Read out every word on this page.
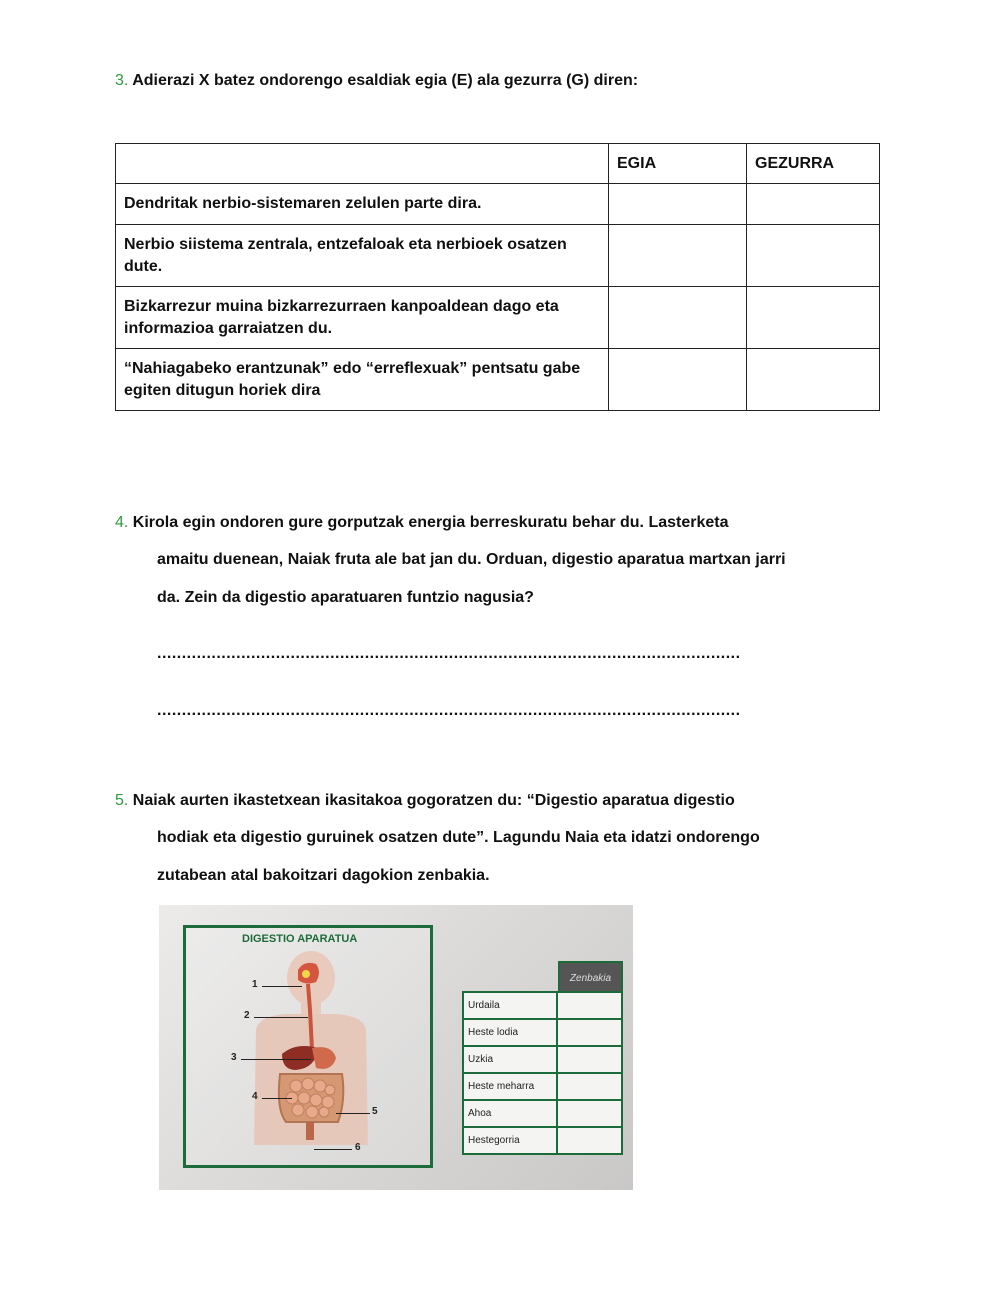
3. Adierazi X batez ondorengo esaldiak egia (E) ala gezurra (G) diren:
	EGIA	GEZURRA
Dendritak nerbio-sistemaren zelulen parte dira.		
Nerbio siistema zentrala, entzefaloak eta nerbioek osatzen dute.		
Bizkarrezur muina bizkarrezurraen kanpoaldean dago eta informazioa garraiatzen du.		
“Nahiagabeko erantzunak” edo “erreflexuak” pentsatu gabe egiten ditugun horiek dira		
4. Kirola egin ondoren gure gorputzak energia berreskuratu behar du. Lasterketa
amaitu duenean, Naiak fruta ale bat jan du. Orduan, digestio aparatua martxan jarri
da. Zein da digestio aparatuaren funtzio nagusia?
......................................................................................................................
......................................................................................................................
5. Naiak aurten ikastetxean ikasitakoa gogoratzen du: “Digestio aparatua digestio
hodiak eta digestio guruinek osatzen dute”. Lagundu Naia eta idatzi ondorengo
zutabean atal bakoitzari dagokion zenbakia.
DIGESTIO APARATUA
1
2
3
4
5
6
Zenbakia
Urdaila	
Heste lodia	
Uzkia	
Heste meharra	
Ahoa	
Hestegorria	
